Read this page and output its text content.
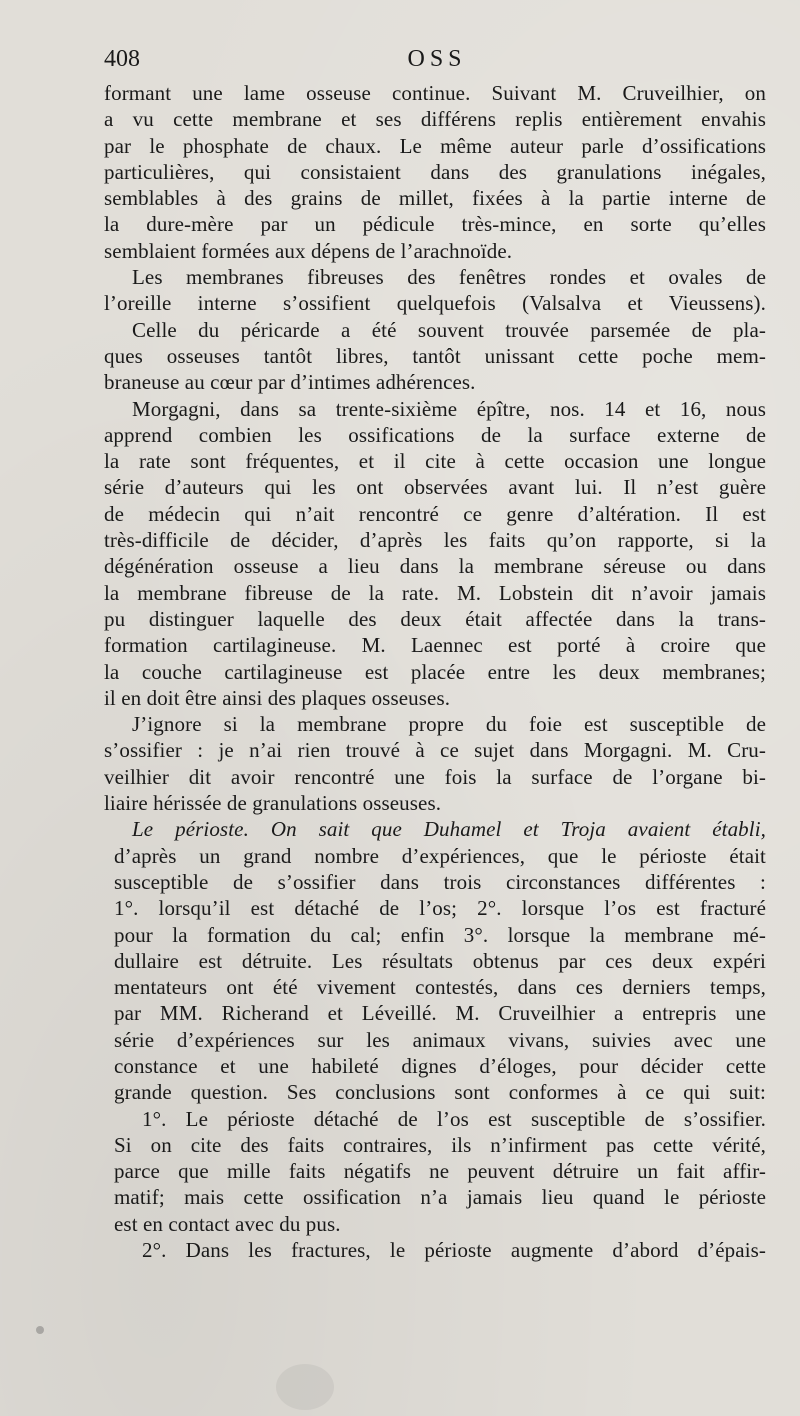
408	OSS
formant une lame osseuse continue. Suivant M. Cruveilhier, on
a vu cette membrane et ses différens replis entièrement envahis
par le phosphate de chaux. Le même auteur parle d’ossifications
particulières, qui consistaient dans des granulations inégales,
semblables à des grains de millet, fixées à la partie interne de
la dure-mère par un pédicule très-mince, en sorte qu’elles
semblaient formées aux dépens de l’arachnoïde.
Les membranes fibreuses des fenêtres rondes et ovales de
l’oreille interne s’ossifient quelquefois (Valsalva et Vieussens).
Celle du péricarde a été souvent trouvée parsemée de pla-
ques osseuses tantôt libres, tantôt unissant cette poche mem-
braneuse au cœur par d’intimes adhérences.
Morgagni, dans sa trente-sixième épître, nos. 14 et 16, nous
apprend combien les ossifications de la surface externe de
la rate sont fréquentes, et il cite à cette occasion une longue
série d’auteurs qui les ont observées avant lui. Il n’est guère
de médecin qui n’ait rencontré ce genre d’altération. Il est
très-difficile de décider, d’après les faits qu’on rapporte, si la
dégénération osseuse a lieu dans la membrane séreuse ou dans
la membrane fibreuse de la rate. M. Lobstein dit n’avoir jamais
pu distinguer laquelle des deux était affectée dans la trans-
formation cartilagineuse. M. Laennec est porté à croire que
la couche cartilagineuse est placée entre les deux membranes;
il en doit être ainsi des plaques osseuses.
J’ignore si la membrane propre du foie est susceptible de
s’ossifier : je n’ai rien trouvé à ce sujet dans Morgagni. M. Cru-
veilhier dit avoir rencontré une fois la surface de l’organe bi-
liaire hérissée de granulations osseuses.
Le périoste. On sait que Duhamel et Troja avaient établi,
d’après un grand nombre d’expériences, que le périoste était
susceptible de s’ossifier dans trois circonstances différentes :
1°. lorsqu’il est détaché de l’os; 2°. lorsque l’os est fracturé
pour la formation du cal; enfin 3°. lorsque la membrane mé-
dullaire est détruite. Les résultats obtenus par ces deux expéri
mentateurs ont été vivement contestés, dans ces derniers temps,
par MM. Richerand et Léveillé. M. Cruveilhier a entrepris une
série d’expériences sur les animaux vivans, suivies avec une
constance et une habileté dignes d’éloges, pour décider cette
grande question. Ses conclusions sont conformes à ce qui suit:
1°. Le périoste détaché de l’os est susceptible de s’ossifier.
Si on cite des faits contraires, ils n’infirment pas cette vérité,
parce que mille faits négatifs ne peuvent détruire un fait affir-
matif; mais cette ossification n’a jamais lieu quand le périoste
est en contact avec du pus.
2°. Dans les fractures, le périoste augmente d’abord d’épais-
